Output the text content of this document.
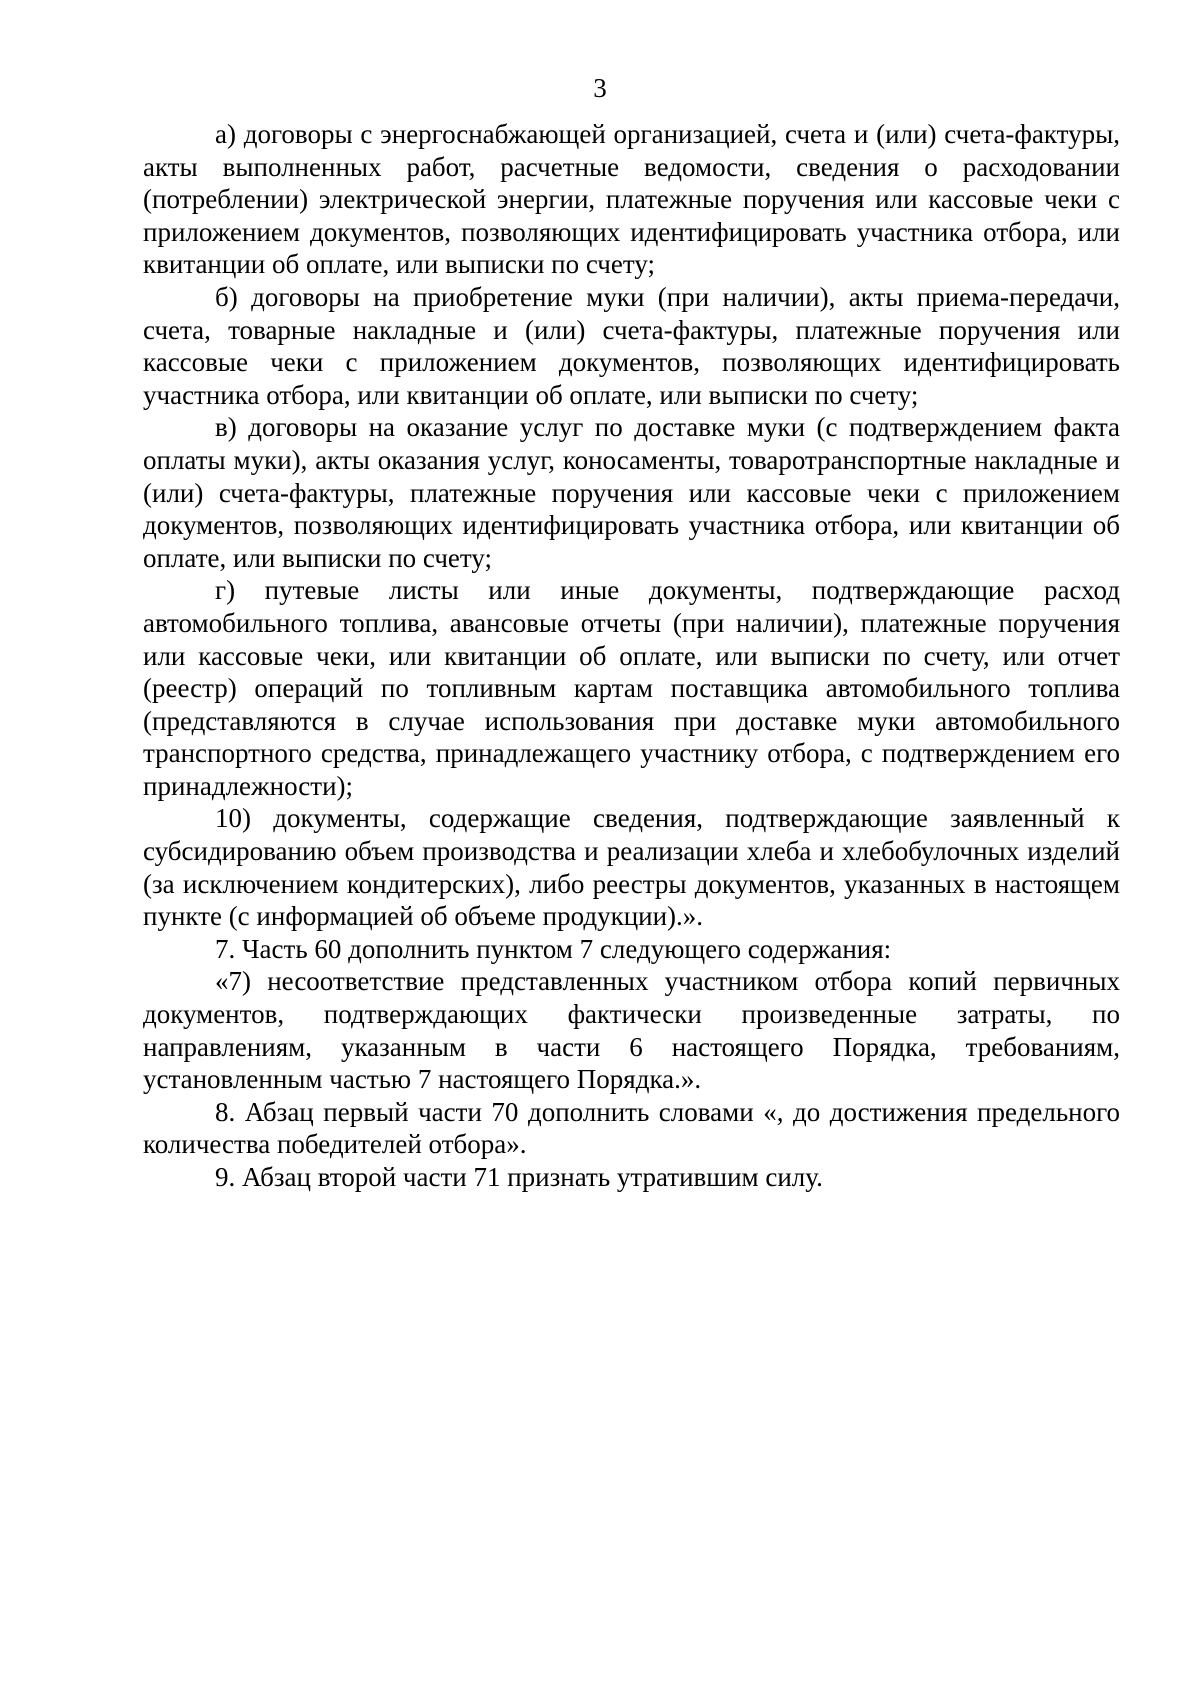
3

а) договоры с энергоснабжающей организацией, счета и (или) счета-фактуры, акты выполненных работ, расчетные ведомости, сведения о расходовании (потреблении) электрической энергии, платежные поручения или кассовые чеки с приложением документов, позволяющих идентифицировать участника отбора, или квитанции об оплате, или выписки по счету;

б) договоры на приобретение муки (при наличии), акты приема-передачи, счета, товарные накладные и (или) счета-фактуры, платежные поручения или кассовые чеки с приложением документов, позволяющих идентифицировать участника отбора, или квитанции об оплате, или выписки по счету;

в) договоры на оказание услуг по доставке муки (с подтверждением факта оплаты муки), акты оказания услуг, коносаменты, товаротранспортные накладные и (или) счета-фактуры, платежные поручения или кассовые чеки с приложением документов, позволяющих идентифицировать участника отбора, или квитанции об оплате, или выписки по счету;

г) путевые листы или иные документы, подтверждающие расход автомобильного топлива, авансовые отчеты (при наличии), платежные поручения или кассовые чеки, или квитанции об оплате, или выписки по счету, или отчет (реестр) операций по топливным картам поставщика автомобильного топлива (представляются в случае использования при доставке муки автомобильного транспортного средства, принадлежащего участнику отбора, с подтверждением его принадлежности);

10) документы, содержащие сведения, подтверждающие заявленный к субсидированию объем производства и реализации хлеба и хлебобулочных изделий (за исключением кондитерских), либо реестры документов, указанных в настоящем пункте (с информацией об объеме продукции).».

7. Часть 60 дополнить пунктом 7 следующего содержания:

«7) несоответствие представленных участником отбора копий первичных документов, подтверждающих фактически произведенные затраты, по направлениям, указанным в части 6 настоящего Порядка, требованиям, установленным частью 7 настоящего Порядка.».

8. Абзац первый части 70 дополнить словами «, до достижения предельного количества победителей отбора».

9. Абзац второй части 71 признать утратившим силу.
